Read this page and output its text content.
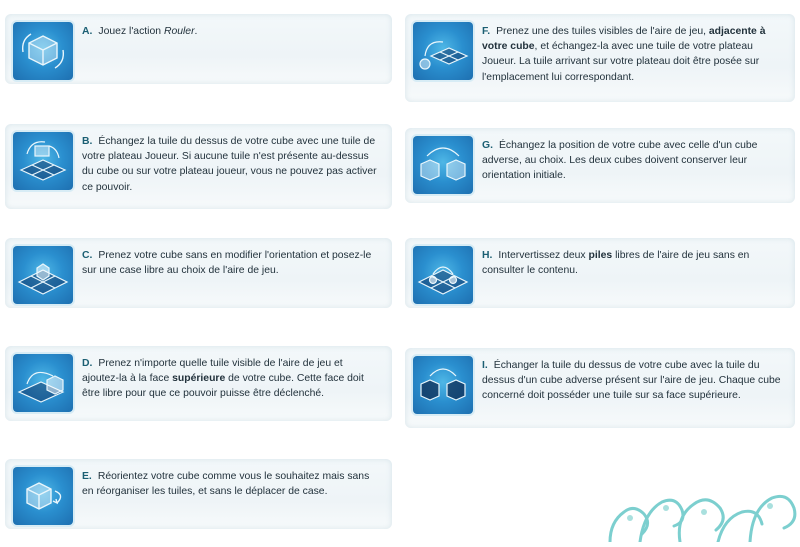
A. Jouez l'action Rouler.
B. Échangez la tuile du dessus de votre cube avec une tuile de votre plateau Joueur. Si aucune tuile n'est présente au-dessus du cube ou sur votre plateau joueur, vous ne pouvez pas activer ce pouvoir.
C. Prenez votre cube sans en modifier l'orientation et posez-le sur une case libre au choix de l'aire de jeu.
D. Prenez n'importe quelle tuile visible de l'aire de jeu et ajoutez-la à la face supérieure de votre cube. Cette face doit être libre pour que ce pouvoir puisse être déclenché.
E. Réorientez votre cube comme vous le souhaitez mais sans en réorganiser les tuiles, et sans le déplacer de case.
F. Prenez une des tuiles visibles de l'aire de jeu, adjacente à votre cube, et échangez-la avec une tuile de votre plateau Joueur. La tuile arrivant sur votre plateau doit être posée sur l'emplacement lui correspondant.
G. Échangez la position de votre cube avec celle d'un cube adverse, au choix. Les deux cubes doivent conserver leur orientation initiale.
H. Intervertissez deux piles libres de l'aire de jeu sans en consulter le contenu.
I. Échanger la tuile du dessus de votre cube avec la tuile du dessus d'un cube adverse présent sur l'aire de jeu. Chaque cube concerné doit posséder une tuile sur sa face supérieure.
